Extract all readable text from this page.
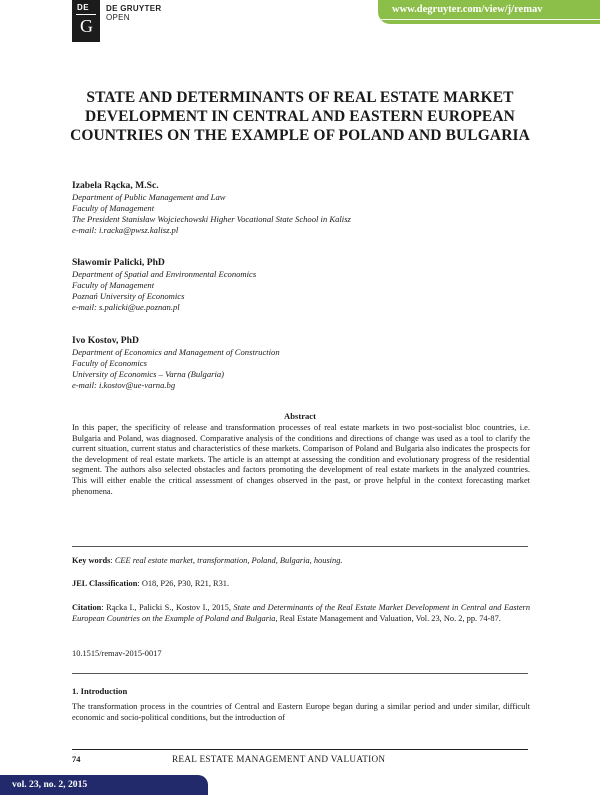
DE
G
DE GRUYTER
OPEN
www.degruyter.com/view/j/remav
STATE AND DETERMINANTS OF REAL ESTATE MARKET DEVELOPMENT IN CENTRAL AND EASTERN EUROPEAN COUNTRIES ON THE EXAMPLE OF POLAND AND BULGARIA
Izabela Rącka, M.Sc.
Department of Public Management and Law
Faculty of Management
The President Stanisław Wojciechowski Higher Vocational State School in Kalisz
e-mail: i.racka@pwsz.kalisz.pl
Sławomir Palicki, PhD
Department of Spatial and Environmental Economics
Faculty of Management
Poznań University of Economics
e-mail: s.palicki@ue.poznan.pl
Ivo Kostov, PhD
Department of Economics and Management of Construction
Faculty of Economics
University of Economics – Varna (Bulgaria)
e-mail: i.kostov@ue-varna.bg
Abstract
In this paper, the specificity of release and transformation processes of real estate markets in two post-socialist bloc countries, i.e. Bulgaria and Poland, was diagnosed. Comparative analysis of the conditions and directions of change was used as a tool to clarify the current situation, current status and characteristics of these markets. Comparison of Poland and Bulgaria also indicates the prospects for the development of real estate markets. The article is an attempt at assessing the condition and evolutionary progress of the residential segment. The authors also selected obstacles and factors promoting the development of real estate markets in the analyzed countries. This will either enable the critical assessment of changes observed in the past, or prove helpful in the context forecasting market phenomena.
Key words: CEE real estate market, transformation, Poland, Bulgaria, housing.
JEL Classification: O18, P26, P30, R21, R31.
Citation: Rącka I., Palicki S., Kostov I., 2015, State and Determinants of the Real Estate Market Development in Central and Eastern European Countries on the Example of Poland and Bulgaria, Real Estate Management and Valuation, Vol. 23, No. 2, pp. 74-87.
10.1515/remav-2015-0017
1. Introduction
The transformation process in the countries of Central and Eastern Europe began during a similar period and under similar, difficult economic and socio-political conditions, but the introduction of
74	REAL ESTATE MANAGEMENT AND VALUATION
vol. 23, no. 2, 2015
